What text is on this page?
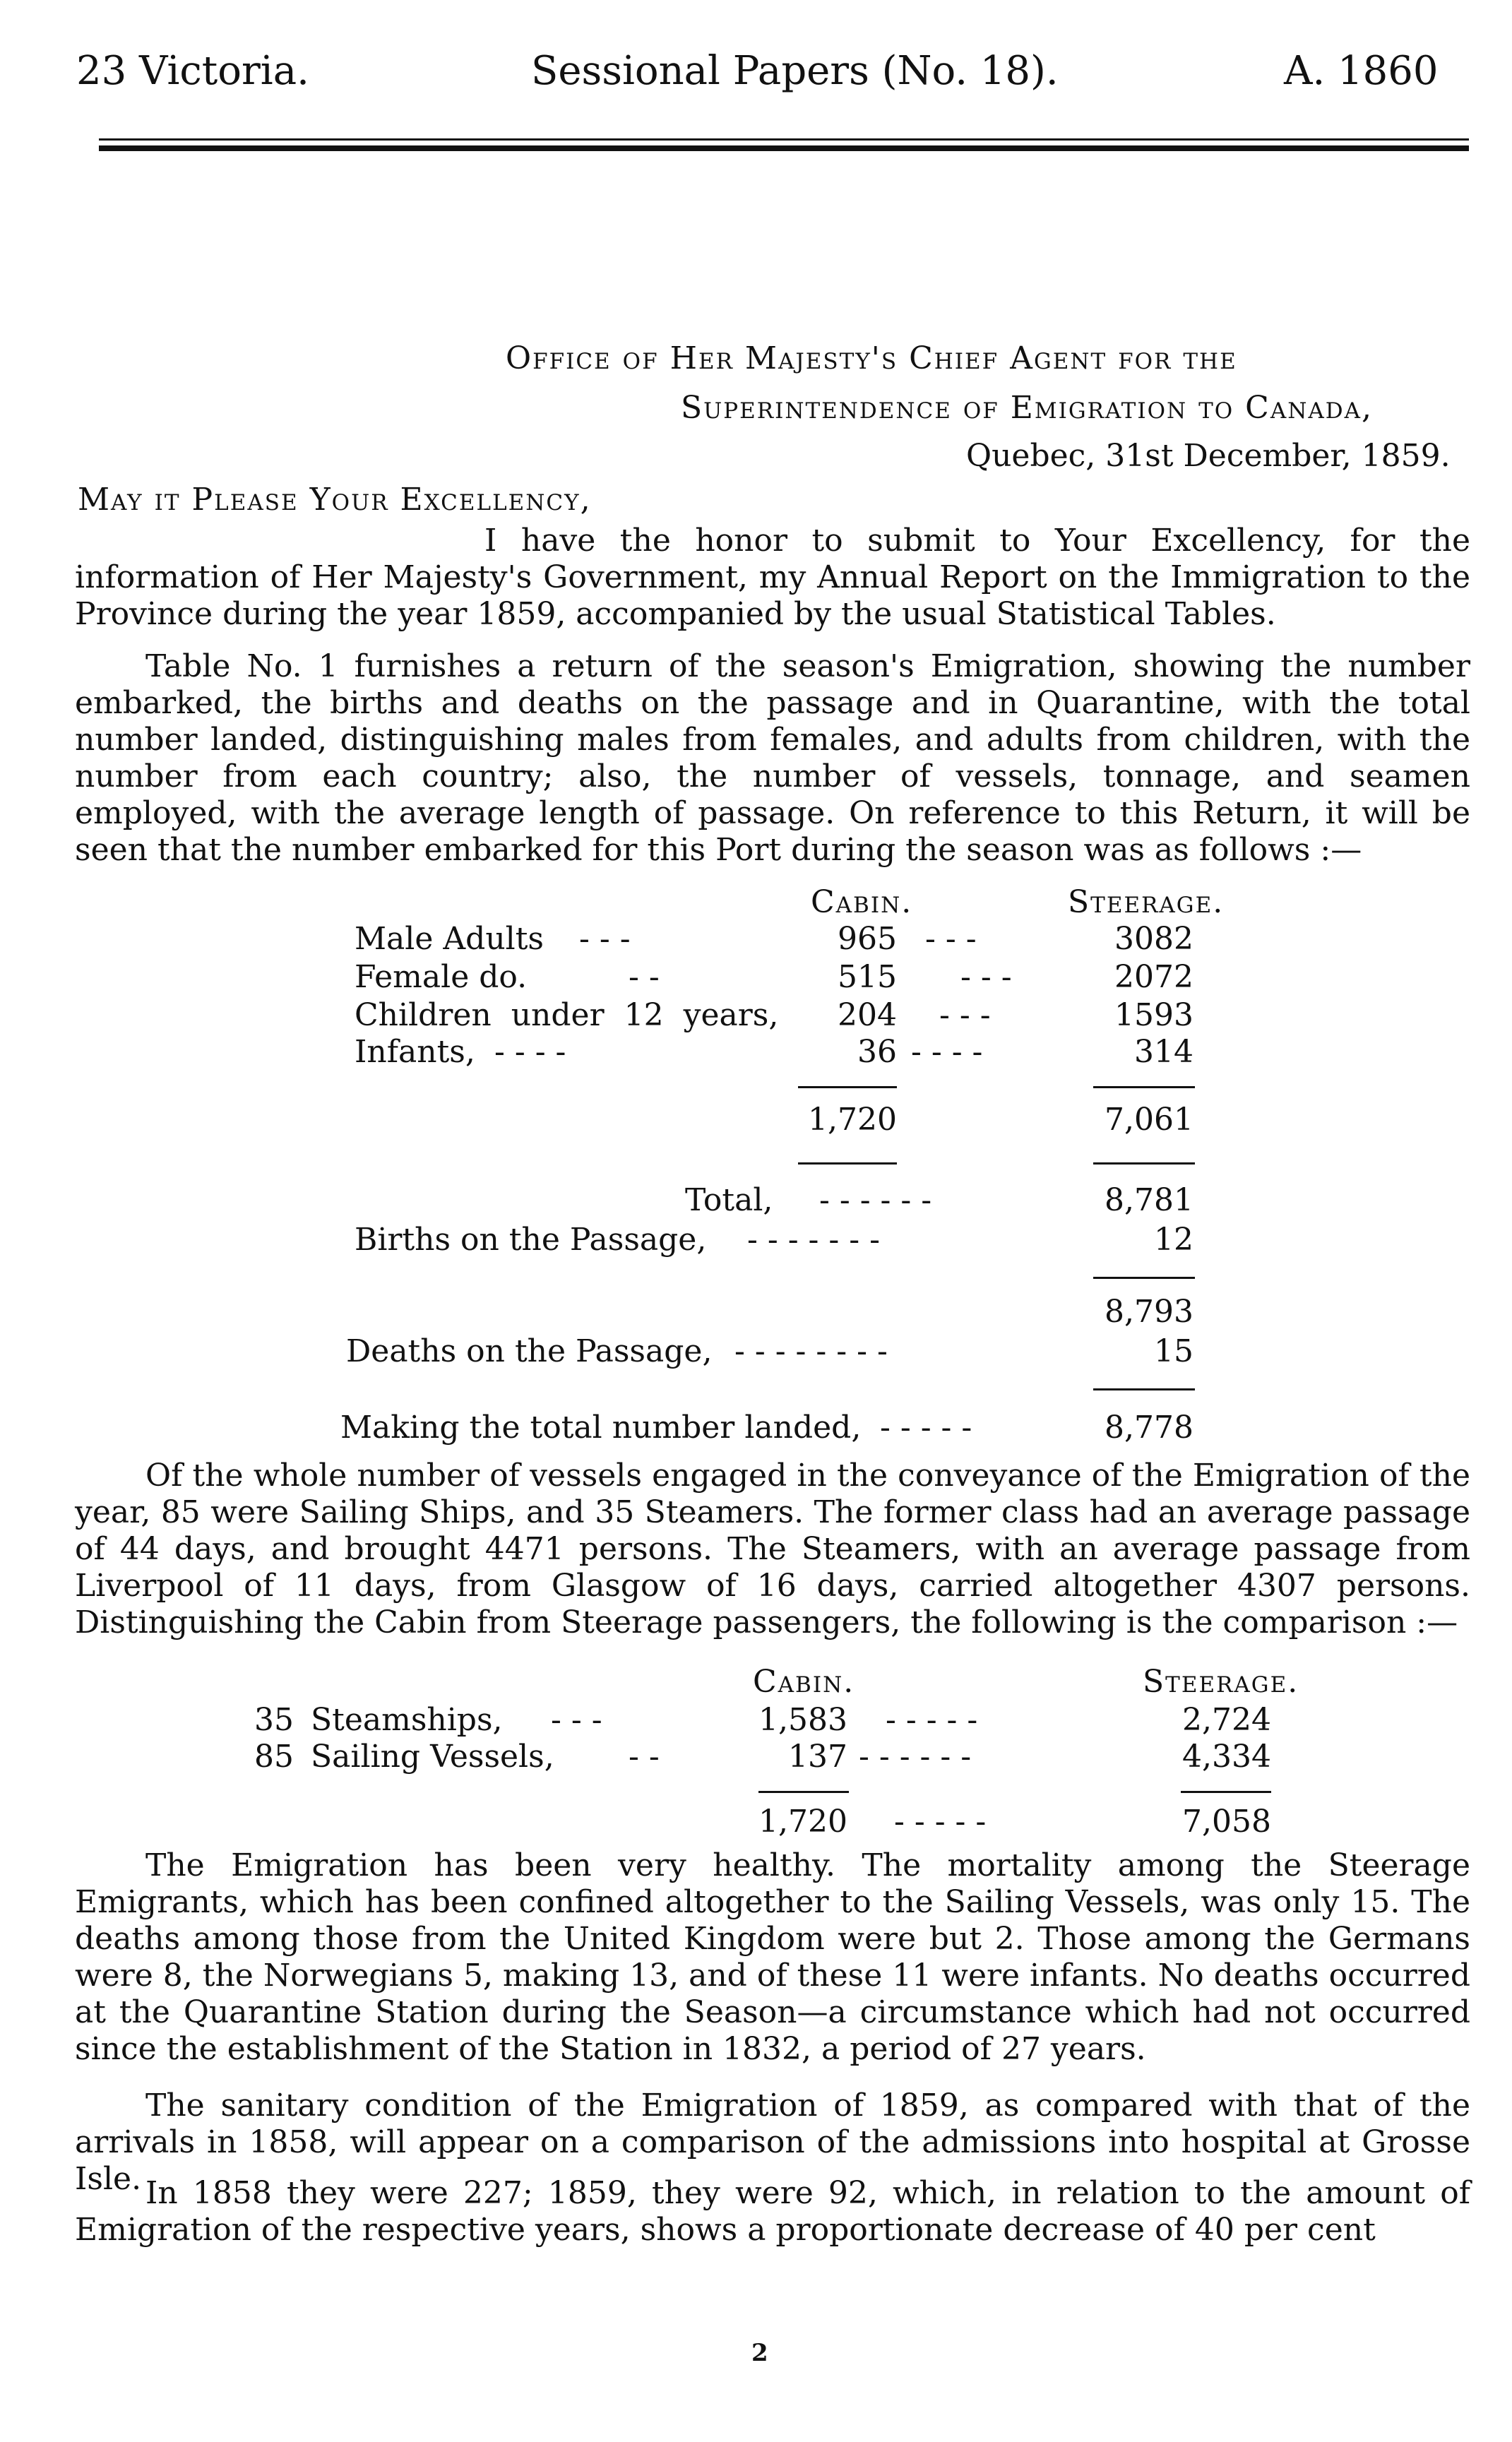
23 Victoria.	Sessional Papers (No. 18).	A. 1860
Office of Her Majesty's Chief Agent for the
Superintendence of Emigration to Canada,
Quebec, 31st December, 1859.
May it Please Your Excellency,
I have the honor to submit to Your Excellency, for the information of Her Majesty's Government, my Annual Report on the Immigration to the Province during the year 1859, accompanied by the usual Statistical Tables.
Table No. 1 furnishes a return of the season's Emigration, showing the number embarked, the births and deaths on the passage and in Quarantine, with the total number landed, distinguishing males from females, and adults from children, with the number from each country; also, the number of vessels, tonnage, and seamen employed, with the average length of passage. On reference to this Return, it will be seen that the number embarked for this Port during the season was as follows :—
Cabin.	Steerage.
Male Adults - - -	965 - - -	3082
Female do.	- -	515 - - -	2072
Children under 12 years,	204 - - -	1593
Infants, - - - -	36 - - - -	314
1,720	7,061
Total, - - - - - -	8,781
Births on the Passage, - - - - - - -	12
8,793
Deaths on the Passage, - - - - - - - -	15
Making the total number landed, - - - - -	8,778
Of the whole number of vessels engaged in the conveyance of the Emigration of the year, 85 were Sailing Ships, and 35 Steamers. The former class had an average passage of 44 days, and brought 4471 persons. The Steamers, with an average passage from Liverpool of 11 days, from Glasgow of 16 days, carried altogether 4307 persons. Distinguishing the Cabin from Steerage passengers, the following is the comparison :—
Cabin.	Steerage.
35 Steamships, - - -	1,583 - - - - -	2,724
85 Sailing Vessels, - -	137 - - - - - -	4,334
1,720 - - - - -	7,058
The Emigration has been very healthy. The mortality among the Steerage Emigrants, which has been confined altogether to the Sailing Vessels, was only 15. The deaths among those from the United Kingdom were but 2. Those among the Germans were 8, the Norwegians 5, making 13, and of these 11 were infants. No deaths occurred at the Quarantine Station during the Season—a circumstance which had not occurred since the establishment of the Station in 1832, a period of 27 years.
The sanitary condition of the Emigration of 1859, as compared with that of the arrivals in 1858, will appear on a comparison of the admissions into hospital at Grosse Isle. In 1858 they were 227; 1859, they were 92, which, in relation to the amount of Emigration of the respective years, shows a proportionate decrease of 40 per cent
2
